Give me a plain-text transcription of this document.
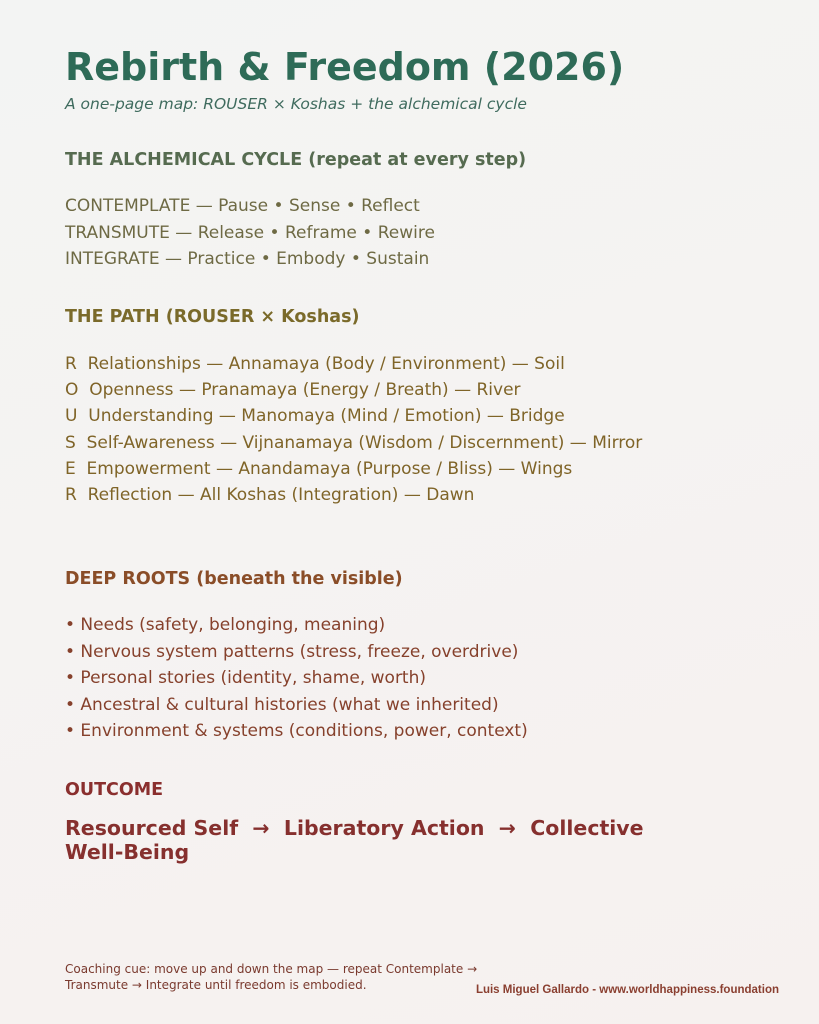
Rebirth & Freedom (2026)

A one-page map: ROUSER × Koshas + the alchemical cycle

THE ALCHEMICAL CYCLE (repeat at every step)
CONTEMPLATE — Pause • Sense • Reflect
TRANSMUTE — Release • Reframe • Rewire
INTEGRATE — Practice • Embody • Sustain
THE PATH (ROUSER × Koshas)
R  Relationships — Annamaya (Body / Environment) — Soil
O  Openness — Pranamaya (Energy / Breath) — River
U  Understanding — Manomaya (Mind / Emotion) — Bridge
S  Self-Awareness — Vijnanamaya (Wisdom / Discernment) — Mirror
E  Empowerment — Anandamaya (Purpose / Bliss) — Wings
R  Reflection — All Koshas (Integration) — Dawn
DEEP ROOTS (beneath the visible)
• Needs (safety, belonging, meaning)
• Nervous system patterns (stress, freeze, overdrive)
• Personal stories (identity, shame, worth)
• Ancestral & cultural histories (what we inherited)
• Environment & systems (conditions, power, context)
OUTCOME

Resourced Self  →  Liberatory Action  →  Collective Well-Being

Coaching cue: move up and down the map — repeat Contemplate → Transmute → Integrate until freedom is embodied.	Luis Miguel Gallardo - www.worldhappiness.foundation
